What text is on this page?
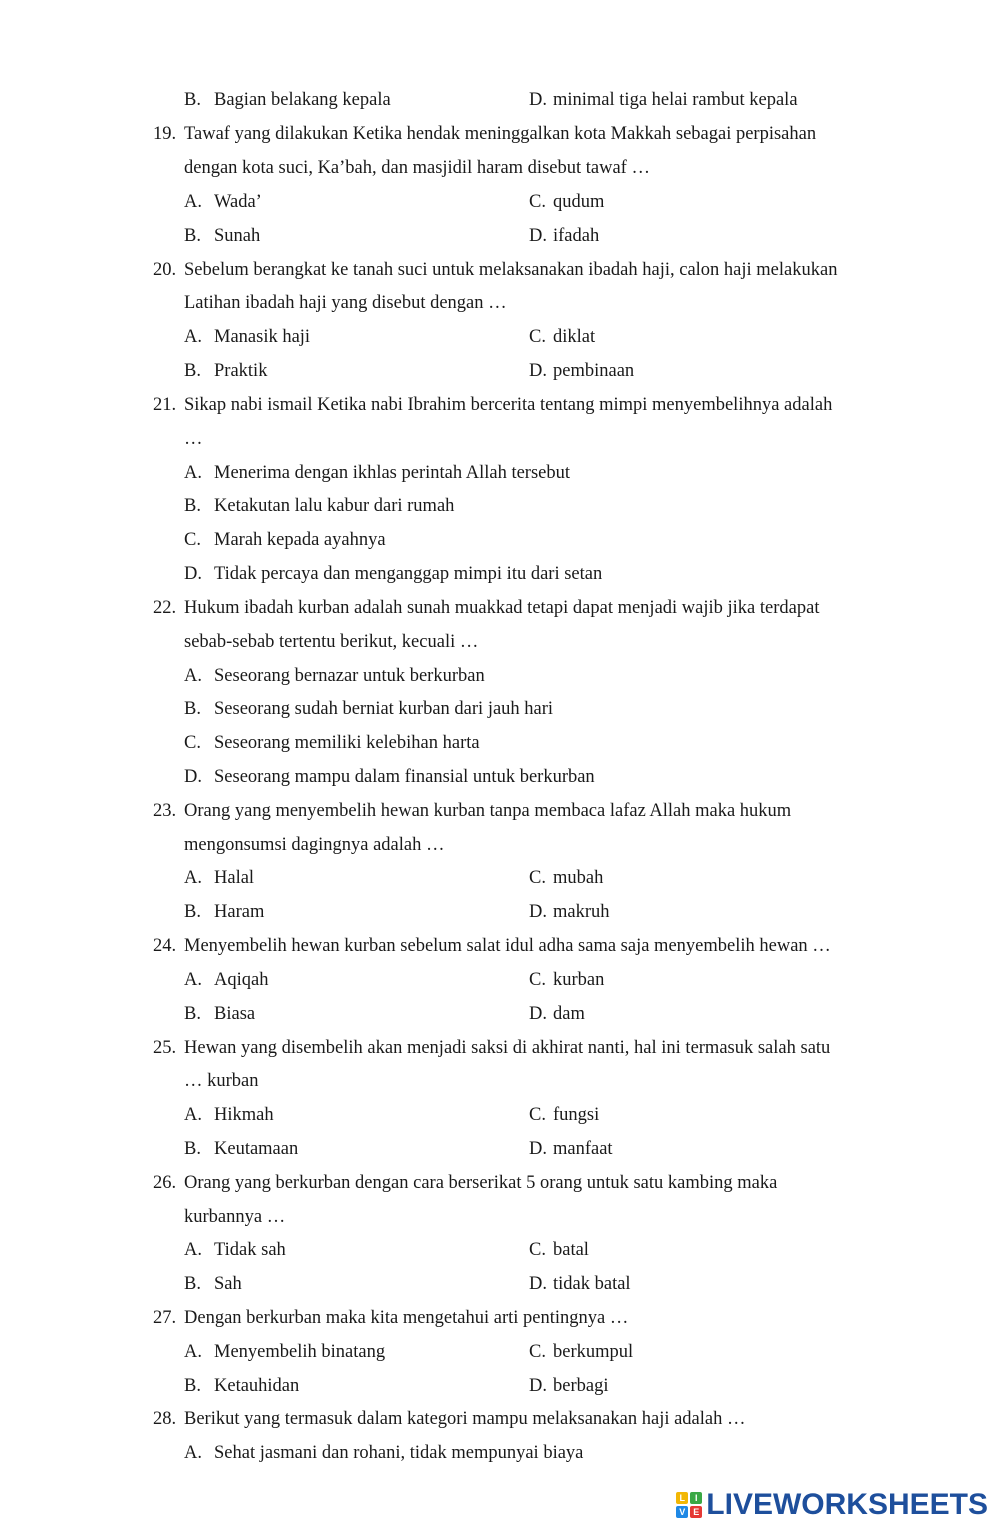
B. Bagian belakang kepala	D. minimal tiga helai rambut kepala
19. Tawaf yang dilakukan Ketika hendak meninggalkan kota Makkah sebagai perpisahan
dengan kota suci, Ka’bah, dan masjidil haram disebut tawaf …
A. Wada’	C. qudum
B. Sunah	D. ifadah
20. Sebelum berangkat ke tanah suci untuk melaksanakan ibadah haji, calon haji melakukan
Latihan ibadah haji yang disebut dengan …
A. Manasik haji	C. diklat
B. Praktik	D. pembinaan
21. Sikap nabi ismail Ketika nabi Ibrahim bercerita tentang mimpi menyembelihnya adalah
…
A. Menerima dengan ikhlas perintah Allah tersebut
B. Ketakutan lalu kabur dari rumah
C. Marah kepada ayahnya
D. Tidak percaya dan menganggap mimpi itu dari setan
22. Hukum ibadah kurban adalah sunah muakkad tetapi dapat menjadi wajib jika terdapat
sebab-sebab tertentu berikut, kecuali …
A. Seseorang bernazar untuk berkurban
B. Seseorang sudah berniat kurban dari jauh hari
C. Seseorang memiliki kelebihan harta
D. Seseorang mampu dalam finansial untuk berkurban
23. Orang yang menyembelih hewan kurban tanpa membaca lafaz Allah maka hukum
mengonsumsi dagingnya adalah …
A. Halal	C. mubah
B. Haram	D. makruh
24. Menyembelih hewan kurban sebelum salat idul adha sama saja menyembelih hewan …
A. Aqiqah	C. kurban
B. Biasa	D. dam
25. Hewan yang disembelih akan menjadi saksi di akhirat nanti, hal ini termasuk salah satu
… kurban
A. Hikmah	C. fungsi
B. Keutamaan	D. manfaat
26. Orang yang berkurban dengan cara berserikat 5 orang untuk satu kambing maka
kurbannya …
A. Tidak sah	C. batal
B. Sah	D. tidak batal
27. Dengan berkurban maka kita mengetahui arti pentingnya …
A. Menyembelih binatang	C. berkumpul
B. Ketauhidan	D. berbagi
28. Berikut yang termasuk dalam kategori mampu melaksanakan haji adalah …
A. Sehat jasmani dan rohani, tidak mempunyai biaya
L	I
V E LIVEWORKSHEETS
